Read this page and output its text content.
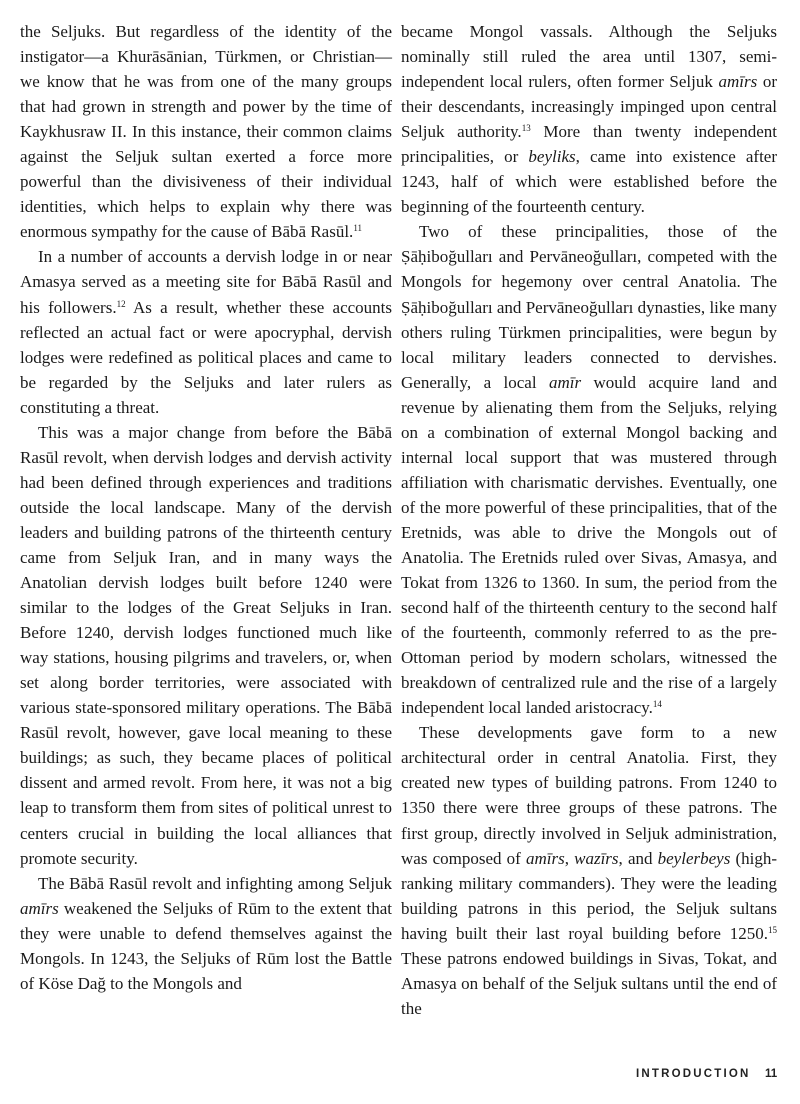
the Seljuks. But regardless of the identity of the instigator—a Khurāsānian, Türkmen, or Christian—we know that he was from one of the many groups that had grown in strength and power by the time of Kaykhusraw II. In this instance, their common claims against the Seljuk sultan exerted a force more powerful than the divisiveness of their individual identities, which helps to explain why there was enormous sympathy for the cause of Bābā Rasūl.$^{11}$

In a number of accounts a dervish lodge in or near Amasya served as a meeting site for Bābā Rasūl and his followers.$^{12}$ As a result, whether these accounts reflected an actual fact or were apocryphal, dervish lodges were redefined as political places and came to be regarded by the Seljuks and later rulers as constituting a threat.

This was a major change from before the Bābā Rasūl revolt, when dervish lodges and dervish activity had been defined through experiences and traditions outside the local landscape. Many of the dervish leaders and building patrons of the thirteenth century came from Seljuk Iran, and in many ways the Anatolian dervish lodges built before 1240 were similar to the lodges of the Great Seljuks in Iran. Before 1240, dervish lodges functioned much like way stations, housing pilgrims and travelers, or, when set along border territories, were associated with various state-sponsored military operations. The Bābā Rasūl revolt, however, gave local meaning to these buildings; as such, they became places of political dissent and armed revolt. From here, it was not a big leap to transform them from sites of political unrest to centers crucial in building the local alliances that promote security.

The Bābā Rasūl revolt and infighting among Seljuk amīrs weakened the Seljuks of Rūm to the extent that they were unable to defend themselves against the Mongols. In 1243, the Seljuks of Rūm lost the Battle of Köse Dağ to the Mongols and

became Mongol vassals. Although the Seljuks nominally still ruled the area until 1307, semi-independent local rulers, often former Seljuk amīrs or their descendants, increasingly impinged upon central Seljuk authority.$^{13}$ More than twenty independent principalities, or beyliks, came into existence after 1243, half of which were established before the beginning of the fourteenth century.

Two of these principalities, those of the Ṣāḥiboğulları and Pervāneoğulları, competed with the Mongols for hegemony over central Anatolia. The Ṣāḥiboğulları and Pervāneoğulları dynasties, like many others ruling Türkmen principalities, were begun by local military leaders connected to dervishes. Generally, a local amīr would acquire land and revenue by alienating them from the Seljuks, relying on a combination of external Mongol backing and internal local support that was mustered through affiliation with charismatic dervishes. Eventually, one of the more powerful of these principalities, that of the Eretnids, was able to drive the Mongols out of Anatolia. The Eretnids ruled over Sivas, Amasya, and Tokat from 1326 to 1360. In sum, the period from the second half of the thirteenth century to the second half of the fourteenth, commonly referred to as the pre-Ottoman period by modern scholars, witnessed the breakdown of centralized rule and the rise of a largely independent local landed aristocracy.$^{14}$

These developments gave form to a new architectural order in central Anatolia. First, they created new types of building patrons. From 1240 to 1350 there were three groups of these patrons. The first group, directly involved in Seljuk administration, was composed of amīrs, wazīrs, and beylerbeys (high-ranking military commanders). They were the leading building patrons in this period, the Seljuk sultans having built their last royal building before 1250.15 These patrons endowed buildings in Sivas, Tokat, and Amasya on behalf of the Seljuk sultans until the end of the

INTRODUCTION 11
